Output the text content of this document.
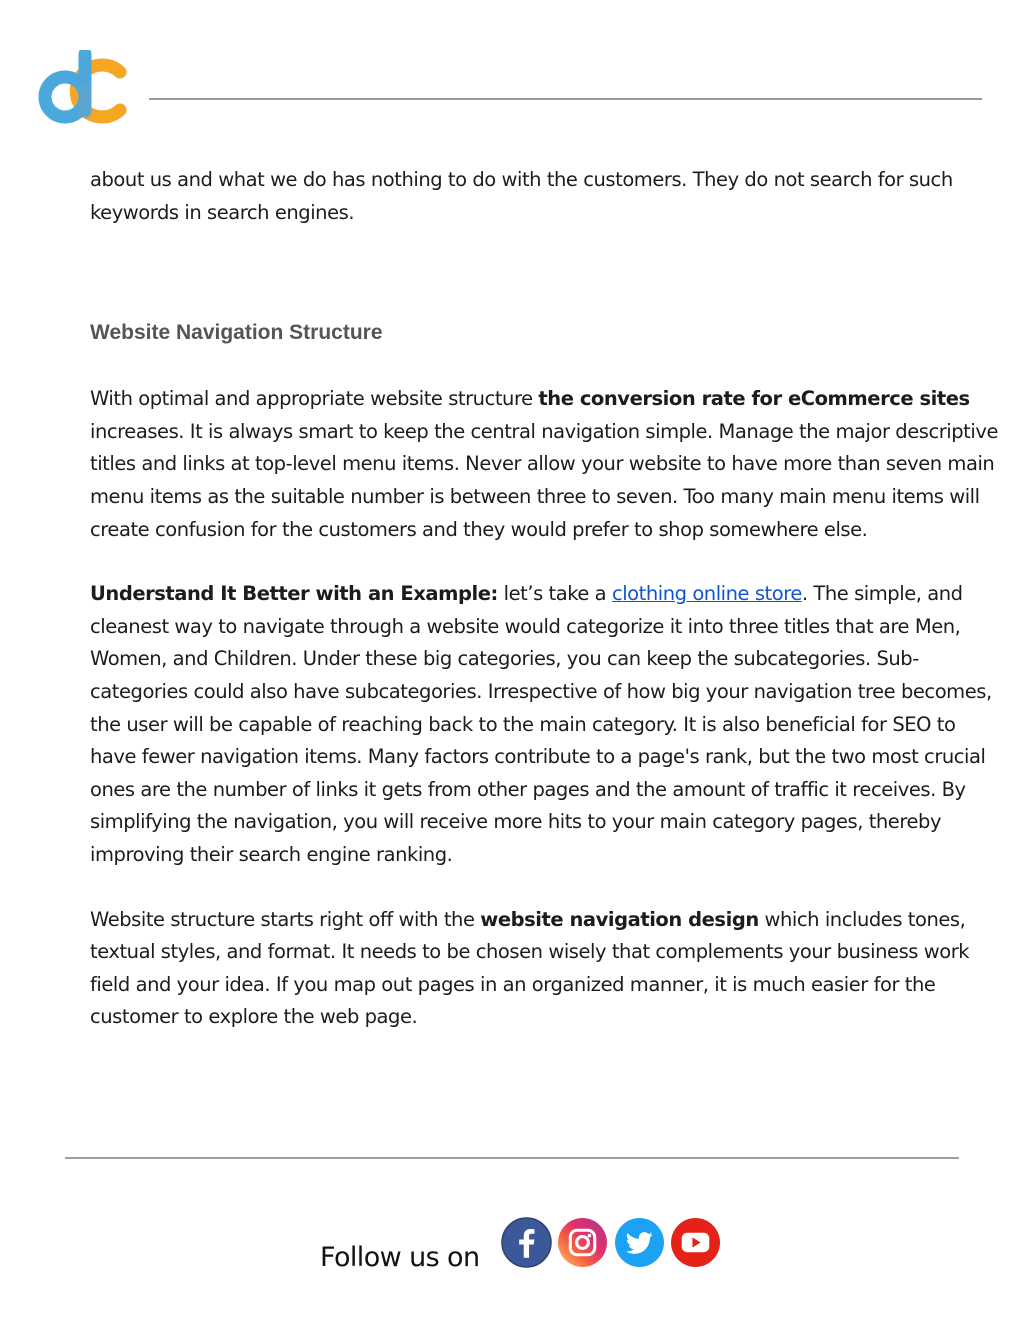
about us and what we do has nothing to do with the customers. They do not search for such keywords in search engines.

Website Navigation Structure

With optimal and appropriate website structure the conversion rate for eCommerce sites increases. It is always smart to keep the central navigation simple. Manage the major descriptive titles and links at top-level menu items. Never allow your website to have more than seven main menu items as the suitable number is between three to seven. Too many main menu items will create confusion for the customers and they would prefer to shop somewhere else.

Understand It Better with an Example: let’s take a clothing online store. The simple, and cleanest way to navigate through a website would categorize it into three titles that are Men, Women, and Children. Under these big categories, you can keep the subcategories. Sub-categories could also have subcategories. Irrespective of how big your navigation tree becomes, the user will be capable of reaching back to the main category. It is also beneficial for SEO to have fewer navigation items. Many factors contribute to a page's rank, but the two most crucial ones are the number of links it gets from other pages and the amount of traffic it receives. By simplifying the navigation, you will receive more hits to your main category pages, thereby improving their search engine ranking.

Website structure starts right off with the website navigation design which includes tones, textual styles, and format. It needs to be chosen wisely that complements your business work field and your idea. If you map out pages in an organized manner, it is much easier for the customer to explore the web page.

Follow us on
